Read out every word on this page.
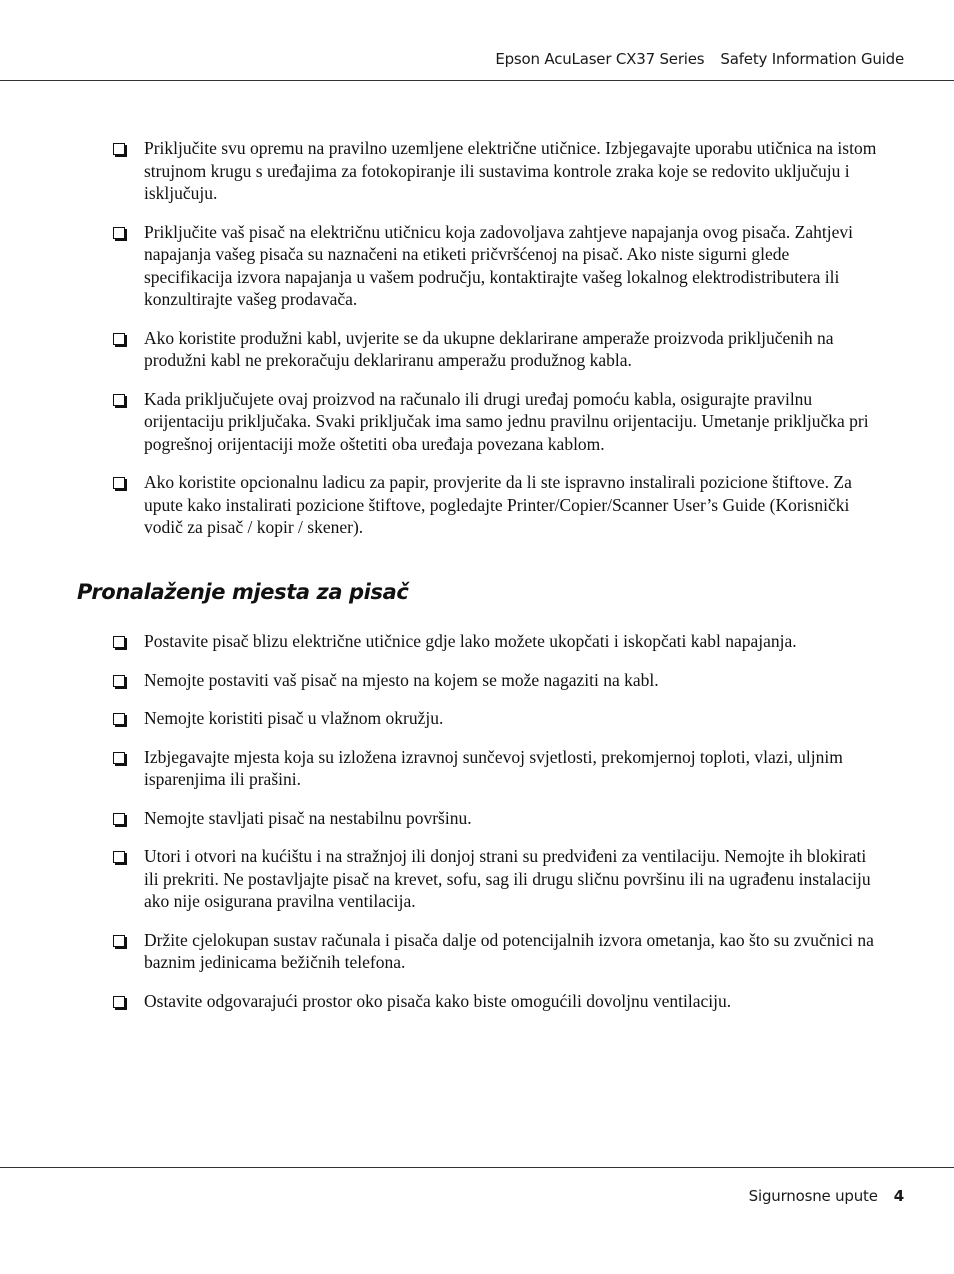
Epson AcuLaser CX37 Series Safety Information Guide
Priključite svu opremu na pravilno uzemljene električne utičnice. Izbjegavajte uporabu utičnica na istom strujnom krugu s uređajima za fotokopiranje ili sustavima kontrole zraka koje se redovito uključuju i isključuju.
Priključite vaš pisač na električnu utičnicu koja zadovoljava zahtjeve napajanja ovog pisača. Zahtjevi napajanja vašeg pisača su naznačeni na etiketi pričvršćenoj na pisač. Ako niste sigurni glede specifikacija izvora napajanja u vašem području, kontaktirajte vašeg lokalnog elektrodistributera ili konzultirajte vašeg prodavača.
Ako koristite produžni kabl, uvjerite se da ukupne deklarirane amperaže proizvoda priključenih na produžni kabl ne prekoračuju deklariranu amperažu produžnog kabla.
Kada priključujete ovaj proizvod na računalo ili drugi uređaj pomoću kabla, osigurajte pravilnu orijentaciju priključaka. Svaki priključak ima samo jednu pravilnu orijentaciju. Umetanje priključka pri pogrešnoj orijentaciji može oštetiti oba uređaja povezana kablom.
Ako koristite opcionalnu ladicu za papir, provjerite da li ste ispravno instalirali pozicione štiftove. Za upute kako instalirati pozicione štiftove, pogledajte Printer/Copier/Scanner User’s Guide (Korisnički vodič za pisač / kopir / skener).
Pronalaženje mjesta za pisač
Postavite pisač blizu električne utičnice gdje lako možete ukopčati i iskopčati kabl napajanja.
Nemojte postaviti vaš pisač na mjesto na kojem se može nagaziti na kabl.
Nemojte koristiti pisač u vlažnom okružju.
Izbjegavajte mjesta koja su izložena izravnoj sunčevoj svjetlosti, prekomjernoj toploti, vlazi, uljnim isparenjima ili prašini.
Nemojte stavljati pisač na nestabilnu površinu.
Utori i otvori na kućištu i na stražnjoj ili donjoj strani su predviđeni za ventilaciju. Nemojte ih blokirati ili prekriti. Ne postavljajte pisač na krevet, sofu, sag ili drugu sličnu površinu ili na ugrađenu instalaciju ako nije osigurana pravilna ventilacija.
Držite cjelokupan sustav računala i pisača dalje od potencijalnih izvora ometanja, kao što su zvučnici na baznim jedinicama bežičnih telefona.
Ostavite odgovarajući prostor oko pisača kako biste omogućili dovoljnu ventilaciju.
Sigurnosne upute 4
